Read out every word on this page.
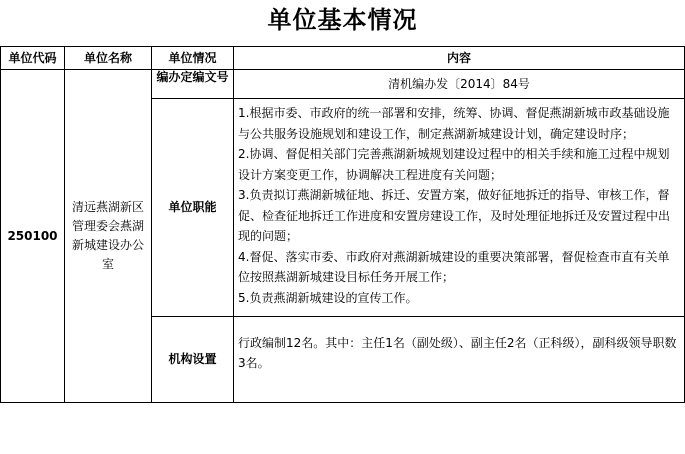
单位基本情况
单位代码	单位名称	单位情况	内容
250100	清远燕湖新区管理委会燕湖新城建设办公室	编办定编文号	清机编办发〔2014〕84号
		单位职能	1.根据市委、市政府的统一部署和安排，统筹、协调、督促燕湖新城市政基础设施与公共服务设施规划和建设工作，制定燕湖新城建设计划，确定建设时序；

2.协调、督促相关部门完善燕湖新城规划建设过程中的相关手续和施工过程中规划设计方案变更工作，协调解决工程进度有关问题；

3.负责拟订燕湖新城征地、拆迁、安置方案，做好征地拆迁的指导、审核工作，督促、检查征地拆迁工作进度和安置房建设工作，及时处理征地拆迁及安置过程中出现的问题；

4.督促、落实市委、市政府对燕湖新城建设的重要决策部署，督促检查市直有关单位按照燕湖新城建设目标任务开展工作；

5.负责燕湖新城建设的宣传工作。

		机构设置	行政编制12名。其中：主任1名（副处级）、副主任2名（正科级），副科级领导职数3名。
